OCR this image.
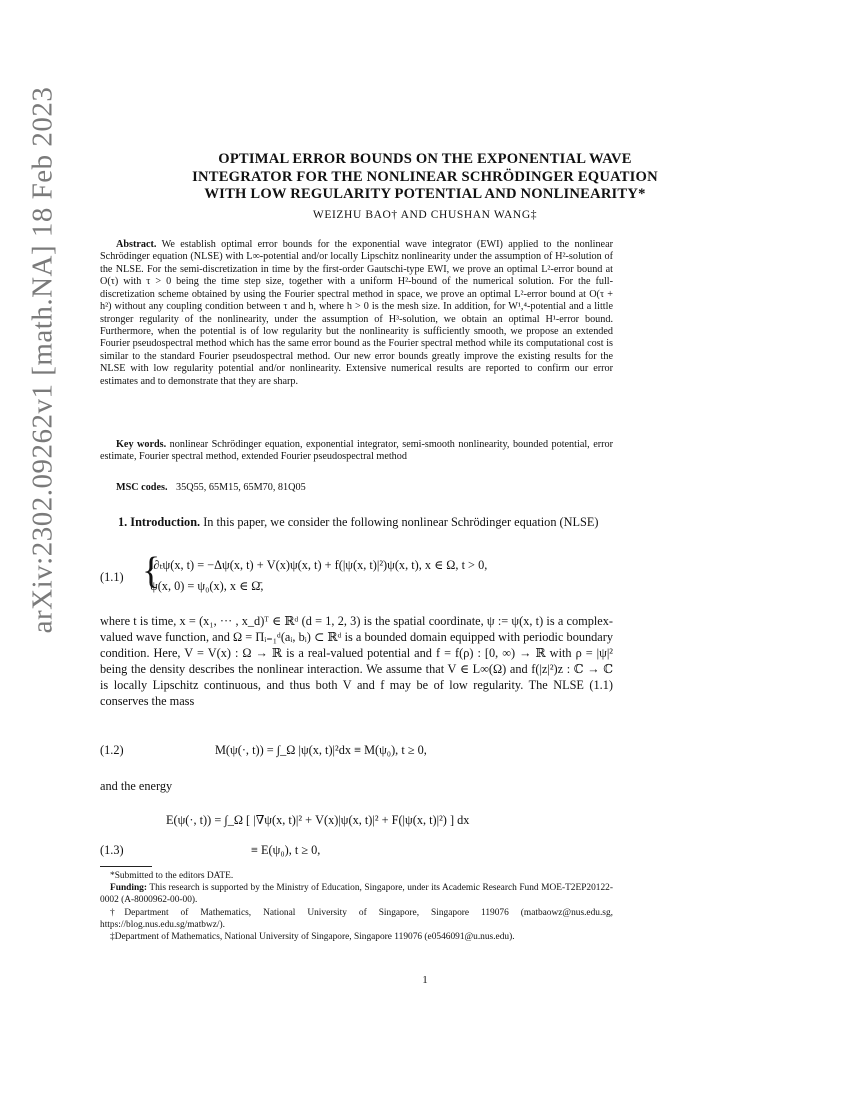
arXiv:2302.09262v1 [math.NA] 18 Feb 2023	OPTIMAL ERROR BOUNDS ON THE EXPONENTIAL WAVE
INTEGRATOR FOR THE NONLINEAR SCHRÖDINGER EQUATION
WITH LOW REGULARITY POTENTIAL AND NONLINEARITY*
WEIZHU BAO† AND CHUSHAN WANG‡
Abstract. We establish optimal error bounds for the exponential wave integrator (EWI) applied to the nonlinear Schrödinger equation (NLSE) with L∞-potential and/or locally Lipschitz nonlinearity under the assumption of H²-solution of the NLSE. For the semi-discretization in time by the first-order Gautschi-type EWI, we prove an optimal L²-error bound at O(τ) with τ > 0 being the time step size, together with a uniform H²-bound of the numerical solution. For the full-discretization scheme obtained by using the Fourier spectral method in space, we prove an optimal L²-error bound at O(τ + h²) without any coupling condition between τ and h, where h > 0 is the mesh size. In addition, for W¹,⁴-potential and a little stronger regularity of the nonlinearity, under the assumption of H³-solution, we obtain an optimal H¹-error bound. Furthermore, when the potential is of low regularity but the nonlinearity is sufficiently smooth, we propose an extended Fourier pseudospectral method which has the same error bound as the Fourier spectral method while its computational cost is similar to the standard Fourier pseudospectral method. Our new error bounds greatly improve the existing results for the NLSE with low regularity potential and/or nonlinearity. Extensive numerical results are reported to confirm our error estimates and to demonstrate that they are sharp.
Key words. nonlinear Schrödinger equation, exponential integrator, semi-smooth nonlinearity, bounded potential, error estimate, Fourier spectral method, extended Fourier pseudospectral method
MSC codes. 35Q55, 65M15, 65M70, 81Q05
1. Introduction. In this paper, we consider the following nonlinear Schrödinger equation (NLSE)
(1.1) {
i∂ₜψ(x, t) = −Δψ(x, t) + V(x)ψ(x, t) + f(|ψ(x, t)|²)ψ(x, t), x ∈ Ω, t > 0,
ψ(x, 0) = ψ₀(x), x ∈ Ω̄,
where t is time, x = (x₁, ··· , x_d)ᵀ ∈ ℝᵈ (d = 1, 2, 3) is the spatial coordinate, ψ := ψ(x, t) is a complex-valued wave function, and Ω = Πᵢ₌₁ᵈ(aᵢ, bᵢ) ⊂ ℝᵈ is a bounded domain equipped with periodic boundary condition. Here, V = V(x) : Ω → ℝ is a real-valued potential and f = f(ρ) : [0, ∞) → ℝ with ρ = |ψ|² being the density describes the nonlinear interaction. We assume that V ∈ L∞(Ω) and f(|z|²)z : ℂ → ℂ is locally Lipschitz continuous, and thus both V and f may be of low regularity. The NLSE (1.1) conserves the mass
(1.2)	M(ψ(·, t)) = ∫_Ω |ψ(x, t)|²dx ≡ M(ψ₀), t ≥ 0,
and the energy
E(ψ(·, t)) = ∫_Ω [ |∇ψ(x, t)|² + V(x)|ψ(x, t)|² + F(|ψ(x, t)|²) ] dx
(1.3)	≡ E(ψ₀), t ≥ 0,

*Submitted to the editors DATE.

Funding: This research is supported by the Ministry of Education, Singapore, under its Academic Research Fund MOE-T2EP20122-0002 (A-8000962-00-00).

†Department of Mathematics, National University of Singapore, Singapore 119076 (matbaowz@nus.edu.sg, https://blog.nus.edu.sg/matbwz/).

‡Department of Mathematics, National University of Singapore, Singapore 119076 (e0546091@u.nus.edu).

1
